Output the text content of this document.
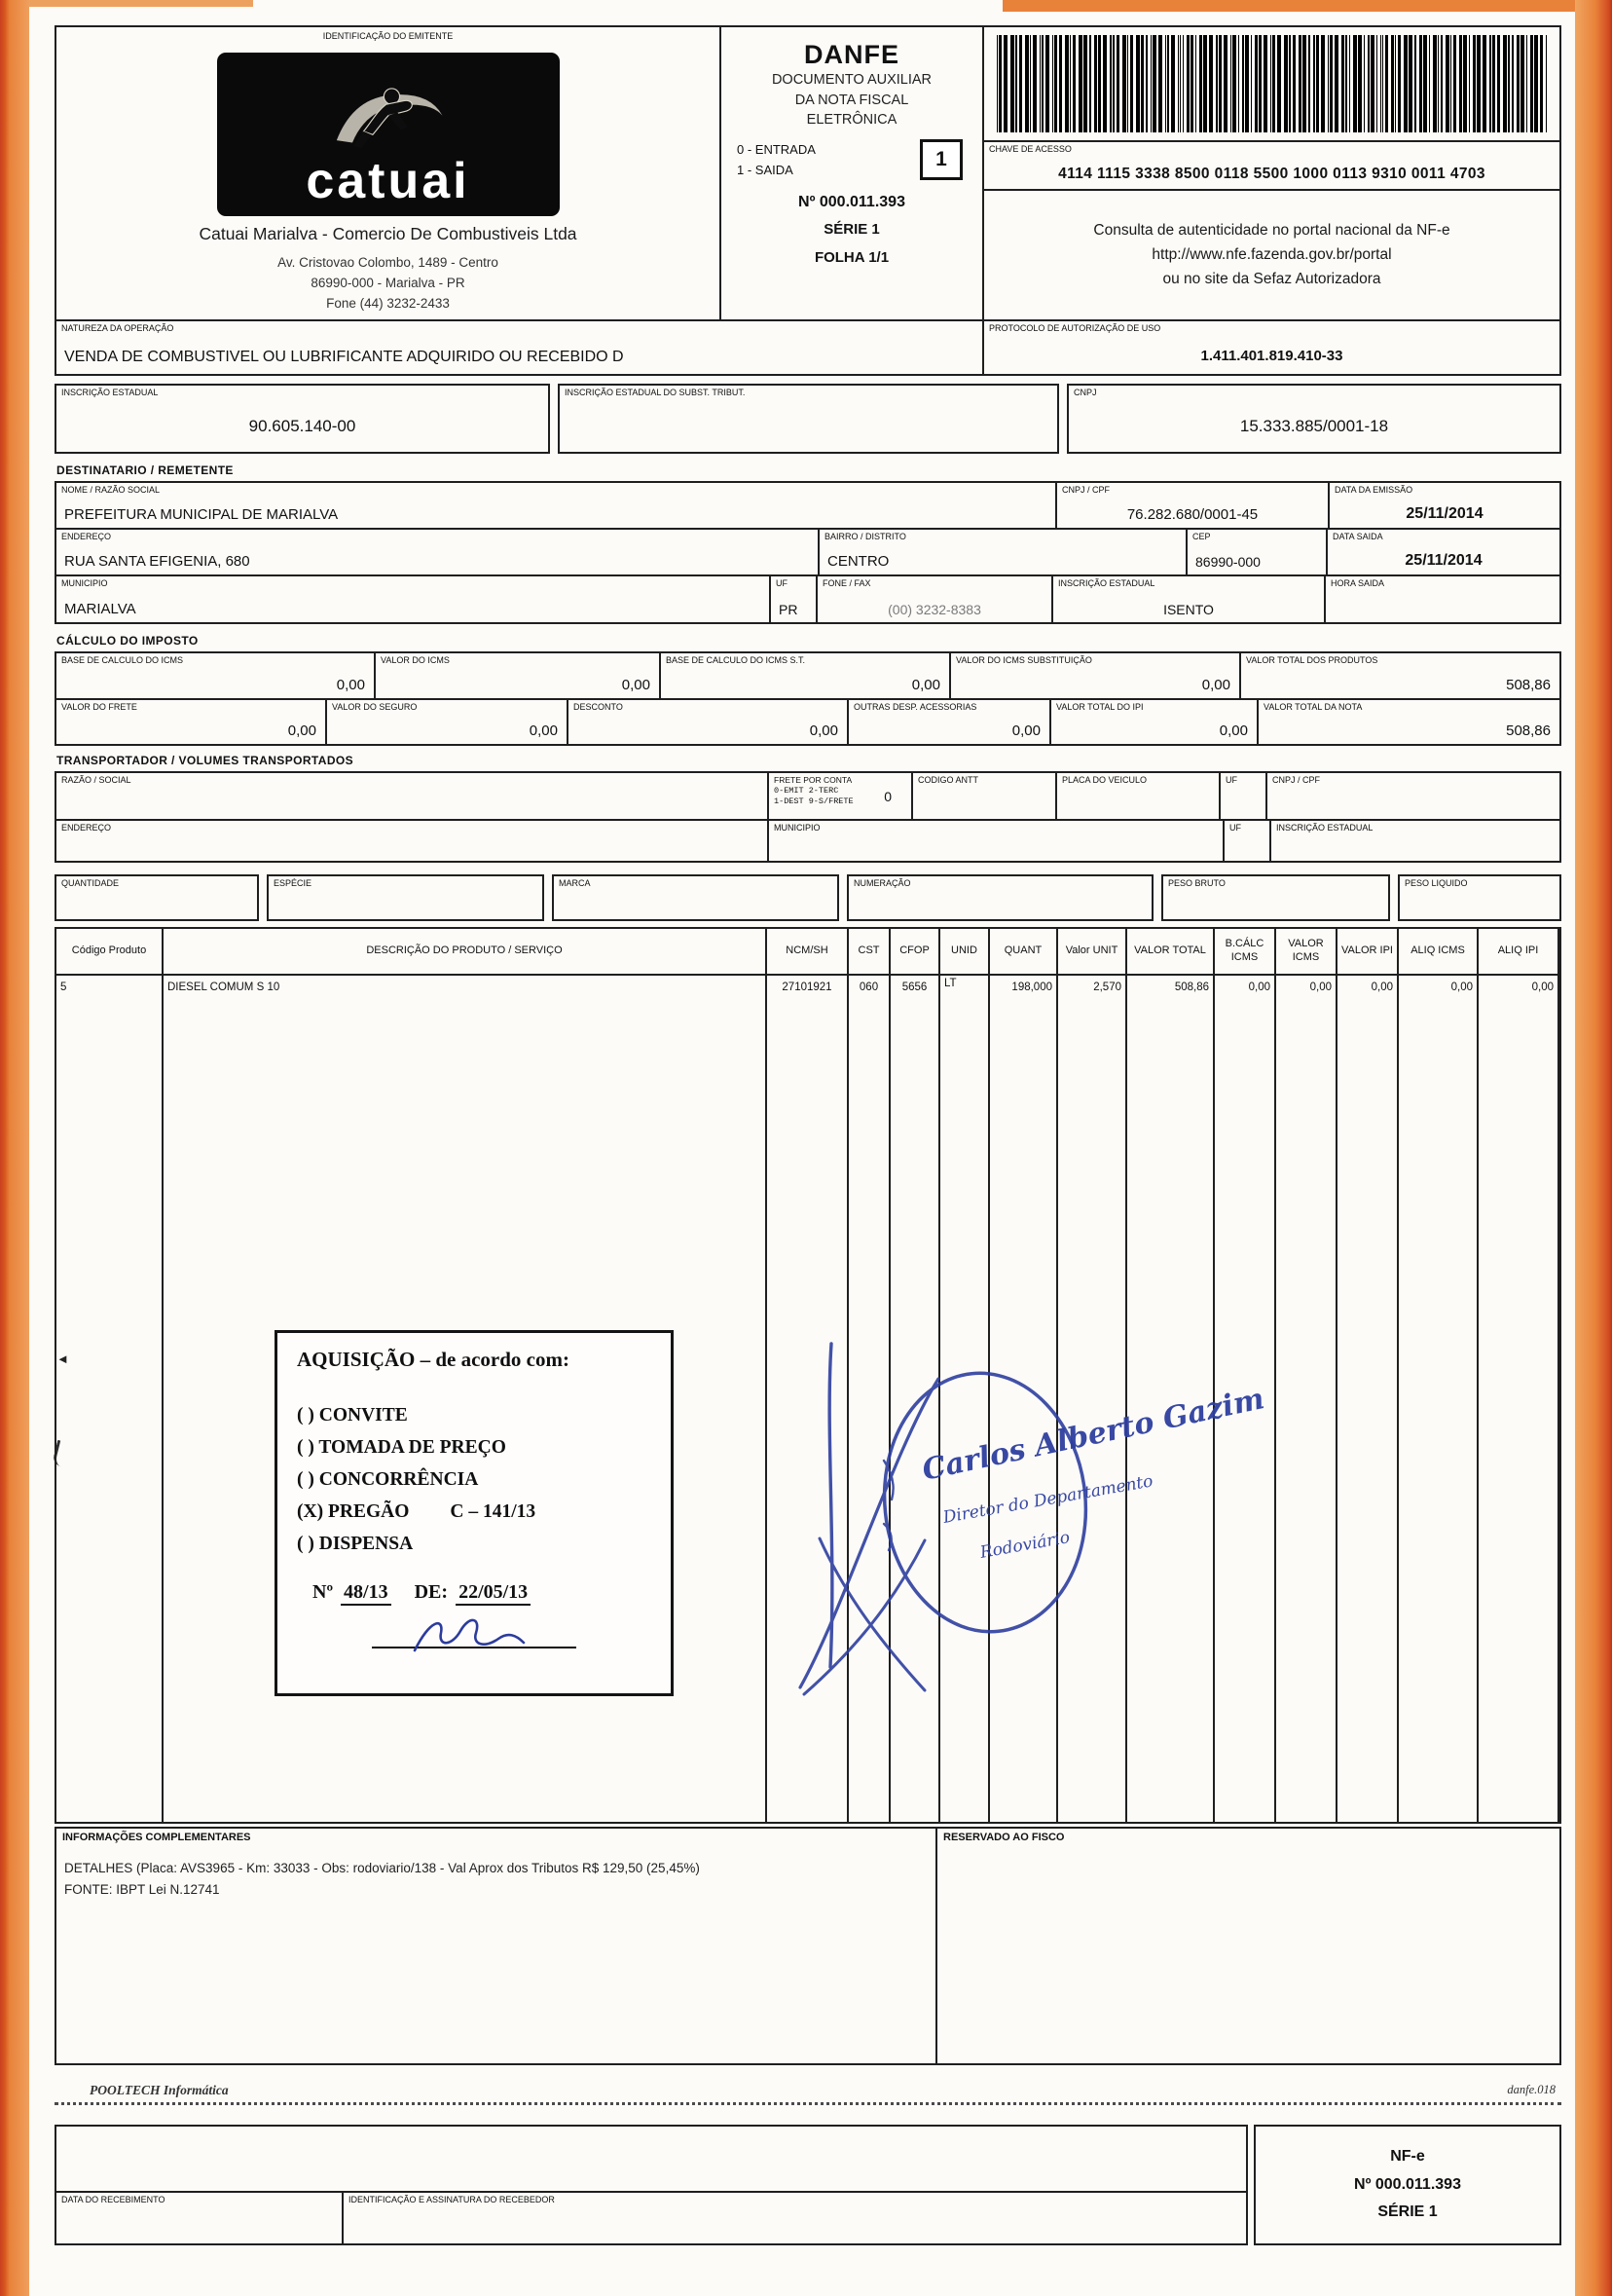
◄
IDENTIFICAÇÃO DO EMITENTE
catuai
Catuai Marialva - Comercio De Combustiveis Ltda
Av. Cristovao Colombo, 1489 - Centro
86990-000 - Marialva - PR
Fone (44) 3232-2433
DANFE
DOCUMENTO AUXILIAR
DA NOTA FISCAL
ELETRÔNICA
0 - ENTRADA
1 - SAIDA	1
Nº 000.011.393
SÉRIE 1
FOLHA 1/1
CHAVE DE ACESSO
4114 1115 3338 8500 0118 5500 1000 0113 9310 0011 4703
Consulta de autenticidade no portal nacional da NF-e
http://www.nfe.fazenda.gov.br/portal
ou no site da Sefaz Autorizadora
NATUREZA DA OPERAÇÃO
VENDA DE COMBUSTIVEL OU LUBRIFICANTE ADQUIRIDO OU RECEBIDO D
PROTOCOLO DE AUTORIZAÇÃO DE USO
1.411.401.819.410-33
INSCRIÇÃO ESTADUAL
90.605.140-00
INSCRIÇÃO ESTADUAL DO SUBST. TRIBUT.	CNPJ
15.333.885/0001-18
DESTINATARIO / REMETENTE
NOME / RAZÃO SOCIAL
PREFEITURA MUNICIPAL DE MARIALVA
CNPJ / CPF
76.282.680/0001-45
DATA DA EMISSÃO
25/11/2014
ENDEREÇO
RUA SANTA EFIGENIA, 680
BAIRRO / DISTRITO
CENTRO
CEP
86990-000
DATA SAIDA
25/11/2014
MUNICIPIO
MARIALVA
UF
PR
FONE / FAX
(00) 3232-8383
INSCRIÇÃO ESTADUAL
ISENTO
HORA SAIDA
CÁLCULO DO IMPOSTO
BASE DE CALCULO DO ICMS
0,00
VALOR DO ICMS
0,00
BASE DE CALCULO DO ICMS S.T.
0,00
VALOR DO ICMS SUBSTITUIÇÃO
0,00
VALOR TOTAL DOS PRODUTOS
508,86
VALOR DO FRETE
0,00
VALOR DO SEGURO
0,00
DESCONTO
0,00
OUTRAS DESP. ACESSORIAS
0,00
VALOR TOTAL DO IPI
0,00
VALOR TOTAL DA NOTA
508,86
TRANSPORTADOR / VOLUMES TRANSPORTADOS
RAZÃO / SOCIAL	FRETE POR CONTA
0-EMIT 2-TERC
1-DEST 9-S/FRETE 0
CODIGO ANTT	PLACA DO VEICULO	UF	CNPJ / CPF
ENDEREÇO	MUNICIPIO	UF	INSCRIÇÃO ESTADUAL
QUANTIDADE	ESPÉCIE	MARCA	NUMERAÇÃO	PESO BRUTO	PESO LIQUIDO
Código Produto
5
DESCRIÇÃO DO PRODUTO / SERVIÇO
DIESEL COMUM S 10
NCM/SH
27101921
CST
060
CFOP
5656
UNID
LT
QUANT
198,000
Valor UNIT
2,570
VALOR TOTAL
508,86
B.CÁLC ICMS
0,00
VALOR ICMS
0,00
VALOR IPI
0,00
ALIQ ICMS
0,00
ALIQ IPI
0,00
AQUISIÇÃO – de acordo com:
( ) CONVITE
( ) TOMADA DE PREÇO
( ) CONCORRÊNCIA
(X) PREGÃO C – 141/13
( ) DISPENSA
Nº 48/13 DE: 22/05/13
Carlos Alberto Gazim
Diretor do Departamento
Rodoviário
INFORMAÇÕES COMPLEMENTARES
DETALHES (Placa: AVS3965 - Km: 33033 - Obs: rodoviario/138 - Val Aprox dos Tributos R$ 129,50 (25,45%)
FONTE: IBPT Lei N.12741
RESERVADO AO FISCO
POOLTECH Informática	danfe.018
DATA DO RECEBIMENTO	IDENTIFICAÇÃO E ASSINATURA DO RECEBEDOR
NF-e
Nº 000.011.393
SÉRIE 1
